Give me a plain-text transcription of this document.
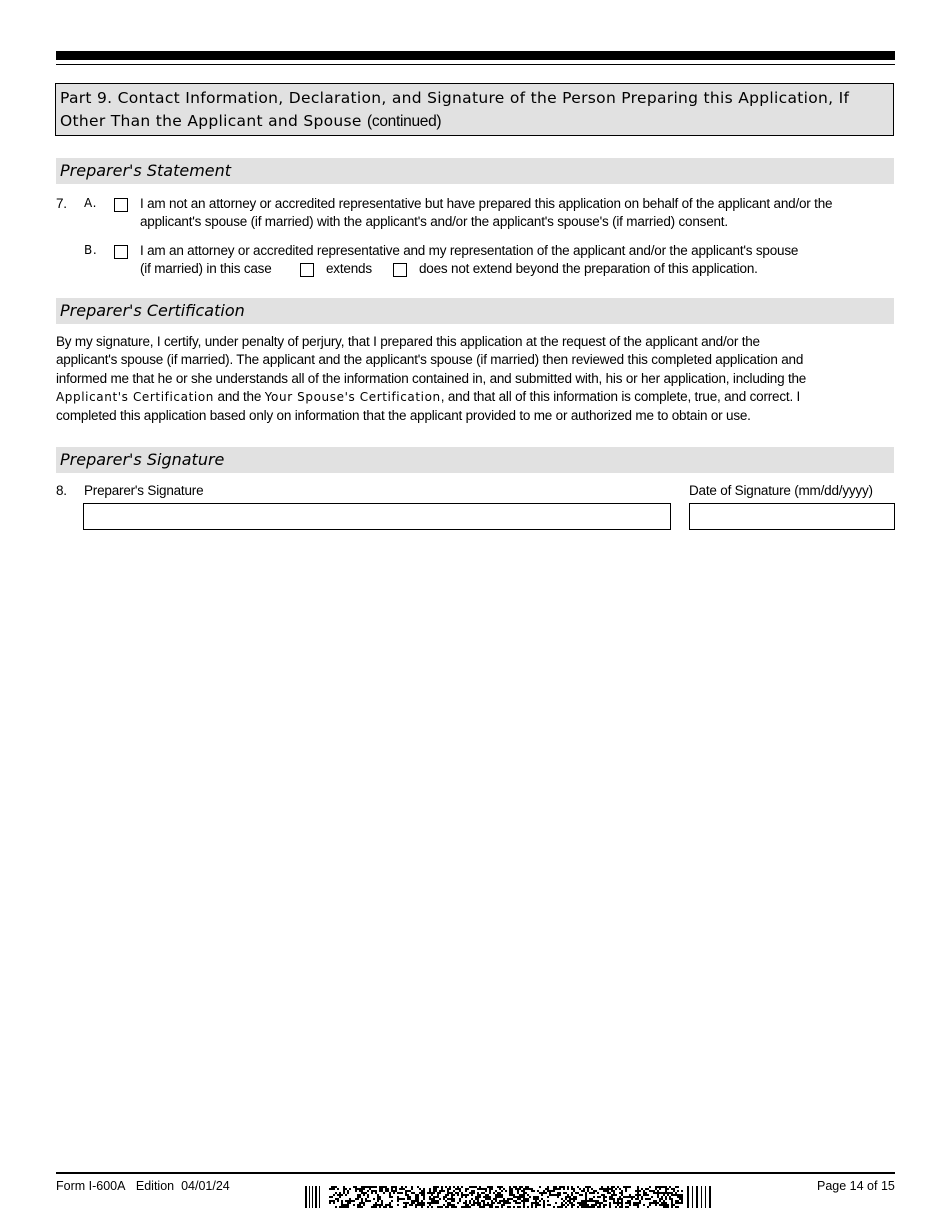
Part 9. Contact Information, Declaration, and Signature of the Person Preparing this Application, If Other Than the Applicant and Spouse (continued)
Preparer's Statement
7. A.	I am not an attorney or accredited representative but have prepared this application on behalf of the applicant and/or the
applicant's spouse (if married) with the applicant's and/or the applicant's spouse's (if married) consent.
B.	I am an attorney or accredited representative and my representation of the applicant and/or the applicant's spouse
(if married) in this case	extends	does not extend beyond the preparation of this application.
Preparer's Certification
By my signature, I certify, under penalty of perjury, that I prepared this application at the request of the applicant and/or the
applicant's spouse (if married). The applicant and the applicant's spouse (if married) then reviewed this completed application and
informed me that he or she understands all of the information contained in, and submitted with, his or her application, including the
Applicant's Certification and the Your Spouse's Certification, and that all of this information is complete, true, and correct. I
completed this application based only on information that the applicant provided to me or authorized me to obtain or use.
Preparer's Signature
8. Preparer's Signature	Date of Signature (mm/dd/yyyy)
Form I-600A Edition 04/01/24	Page 14 of 15
